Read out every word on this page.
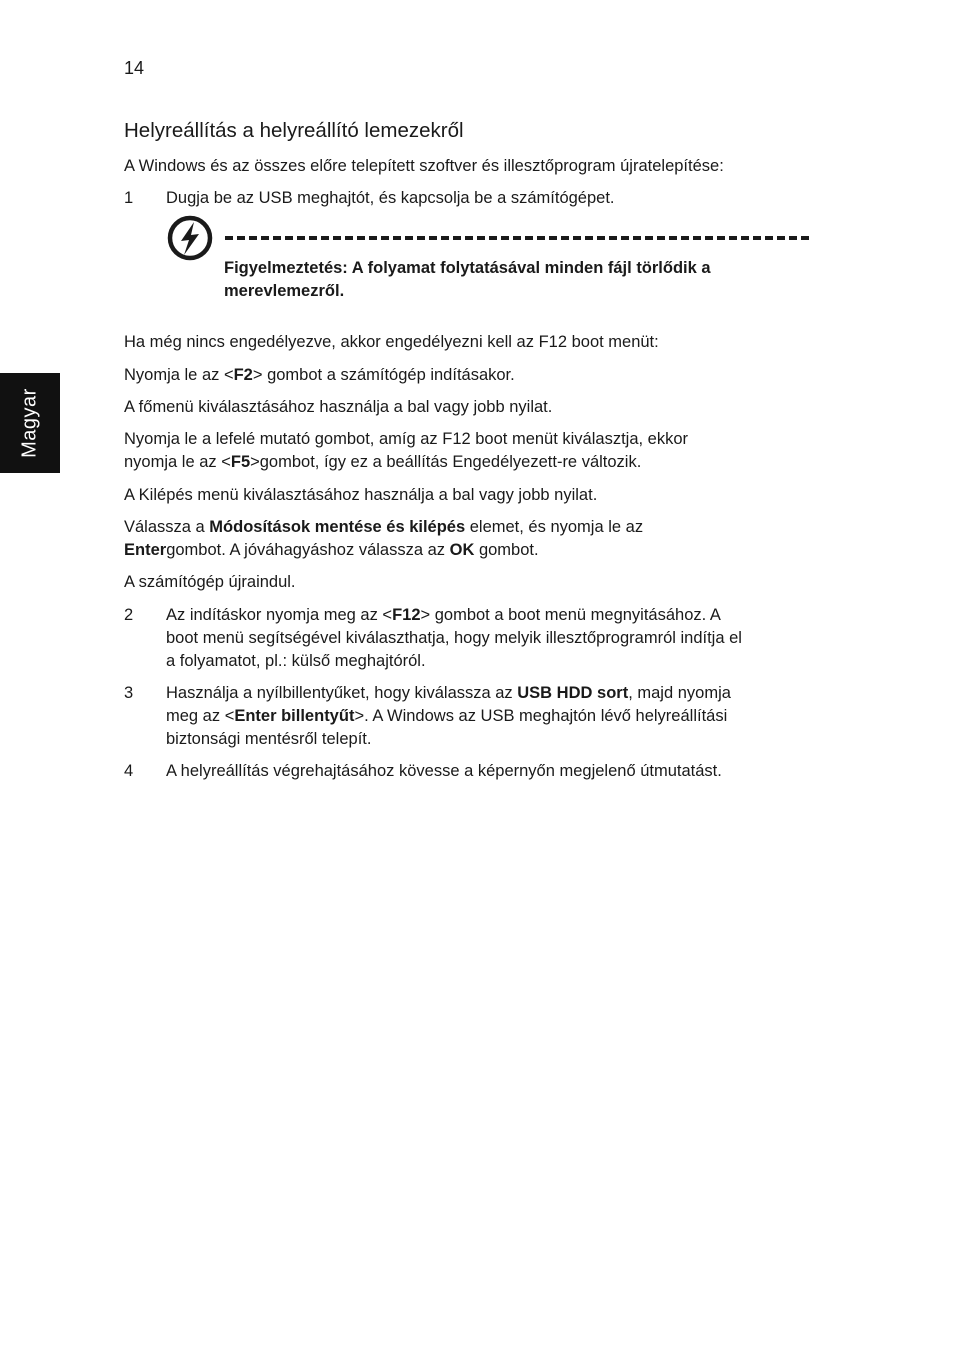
14
Magyar
Helyreállítás a helyreállító lemezekről
A Windows és az összes előre telepített szoftver és illesztőprogram újratelepítése:
1	Dugja be az USB meghajtót, és kapcsolja be a számítógépet.
Figyelmeztetés: A folyamat folytatásával minden fájl törlődik a
merevlemezről.
Ha még nincs engedélyezve, akkor engedélyezni kell az F12 boot menüt:
Nyomja le az <F2> gombot a számítógép indításakor.
A főmenü kiválasztásához használja a bal vagy jobb nyilat.
Nyomja le a lefelé mutató gombot, amíg az F12 boot menüt kiválasztja, ekkor
nyomja le az <F5>gombot, így ez a beállítás Engedélyezett-re változik.
A Kilépés menü kiválasztásához használja a bal vagy jobb nyilat.
Válassza a Módosítások mentése és kilépés elemet, és nyomja le az
Entergombot. A jóváhagyáshoz válassza az OK gombot.
A számítógép újraindul.
2	Az indításkor nyomja meg az <F12> gombot a boot menü megnyitásához. A
boot menü segítségével kiválaszthatja, hogy melyik illesztőprogramról indítja el
a folyamatot, pl.: külső meghajtóról.
3	Használja a nyílbillentyűket, hogy kiválassza az USB HDD sort, majd nyomja
meg az <Enter billentyűt>. A Windows az USB meghajtón lévő helyreállítási
biztonsági mentésről telepít.
4	A helyreállítás végrehajtásához kövesse a képernyőn megjelenő útmutatást.
